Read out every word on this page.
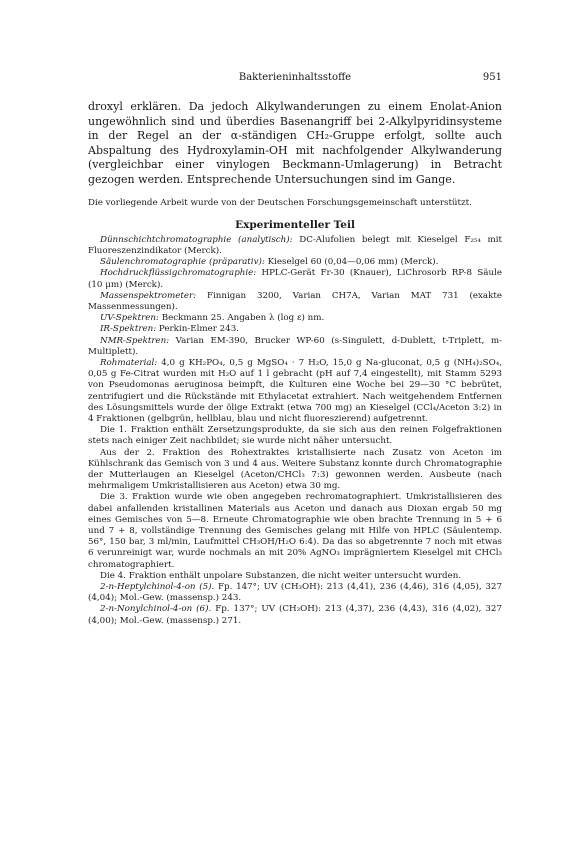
Bakterieninhaltsstoffe	951

droxyl erklären. Da jedoch Alkylwanderungen zu einem Enolat-Anion ungewöhnlich sind und überdies Basenangriff bei 2-Alkylpyridinsysteme in der Regel an der α-ständigen CH₂-Gruppe erfolgt, sollte auch Abspaltung des Hydroxylamin-OH mit nachfolgender Alkylwanderung (vergleichbar einer vinylogen Beckmann-Umlagerung) in Betracht gezogen werden. Entsprechende Untersuchungen sind im Gange.

Die vorliegende Arbeit wurde von der Deutschen Forschungsgemeinschaft unterstützt.

Experimenteller Teil

Dünnschichtchromatographie (analytisch): DC-Alufolien belegt mit Kieselgel F₂₅₄ mit Fluoreszenzindikator (Merck).

Säulenchromatographie (präparativ): Kieselgel 60 (0,04—0,06 mm) (Merck).

Hochdruckflüssigchromatographie: HPLC-Gerät Fr-30 (Knauer), LiChrosorb RP-8 Säule (10 μm) (Merck).

Massenspektrometer: Finnigan 3200, Varian CH7A, Varian MAT 731 (exakte Massenmessungen).

UV-Spektren: Beckmann 25. Angaben λ (log ε) nm.

IR-Spektren: Perkin-Elmer 243.

NMR-Spektren: Varian EM-390, Brucker WP-60 (s-Singulett, d-Dublett, t-Triplett, m-Multiplett).

Rohmaterial: 4,0 g KH₂PO₄, 0,5 g MgSO₄ · 7 H₂O, 15,0 g Na-gluconat, 0,5 g (NH₄)₂SO₄, 0,05 g Fe-Citrat wurden mit H₂O auf 1 l gebracht (pH auf 7,4 eingestellt), mit Stamm 5293 von Pseudomonas aeruginosa beimpft, die Kulturen eine Woche bei 29—30 °C bebrütet, zentrifugiert und die Rückstände mit Ethylacetat extrahiert. Nach weitgehendem Entfernen des Lösungsmittels wurde der ölige Extrakt (etwa 700 mg) an Kieselgel (CCl₄/Aceton 3:2) in 4 Fraktionen (gelbgrün, hellblau, blau und nicht fluoreszierend) aufgetrennt.

Die 1. Fraktion enthält Zersetzungsprodukte, da sie sich aus den reinen Folgefraktionen stets nach einiger Zeit nachbildet; sie wurde nicht näher untersucht.

Aus der 2. Fraktion des Rohextraktes kristallisierte nach Zusatz von Aceton im Kühlschrank das Gemisch von 3 und 4 aus. Weitere Substanz konnte durch Chromatographie der Mutterlaugen an Kieselgel (Aceton/CHCl₃ 7:3) gewonnen werden. Ausbeute (nach mehrmaligem Umkristallisieren aus Aceton) etwa 30 mg.

Die 3. Fraktion wurde wie oben angegeben rechromatographiert. Umkristallisieren des dabei anfallenden kristallinen Materials aus Aceton und danach aus Dioxan ergab 50 mg eines Gemisches von 5—8. Erneute Chromatographie wie oben brachte Trennung in 5 + 6 und 7 + 8, vollständige Trennung des Gemisches gelang mit Hilfe von HPLC (Säulentemp. 56°, 150 bar, 3 ml/min, Laufmittel CH₃OH/H₂O 6:4). Da das so abgetrennte 7 noch mit etwas 6 verunreinigt war, wurde nochmals an mit 20% AgNO₃ imprägniertem Kieselgel mit CHCl₃ chromatographiert.

Die 4. Fraktion enthält unpolare Substanzen, die nicht weiter untersucht wurden.

2-n-Heptylchinol-4-on (5). Fp. 147°; UV (CH₃OH): 213 (4,41), 236 (4,46), 316 (4,05), 327 (4,04); Mol.-Gew. (massensp.) 243.

2-n-Nonylchinol-4-on (6). Fp. 137°; UV (CH₃OH): 213 (4,37), 236 (4,43), 316 (4,02), 327 (4,00); Mol.-Gew. (massensp.) 271.
